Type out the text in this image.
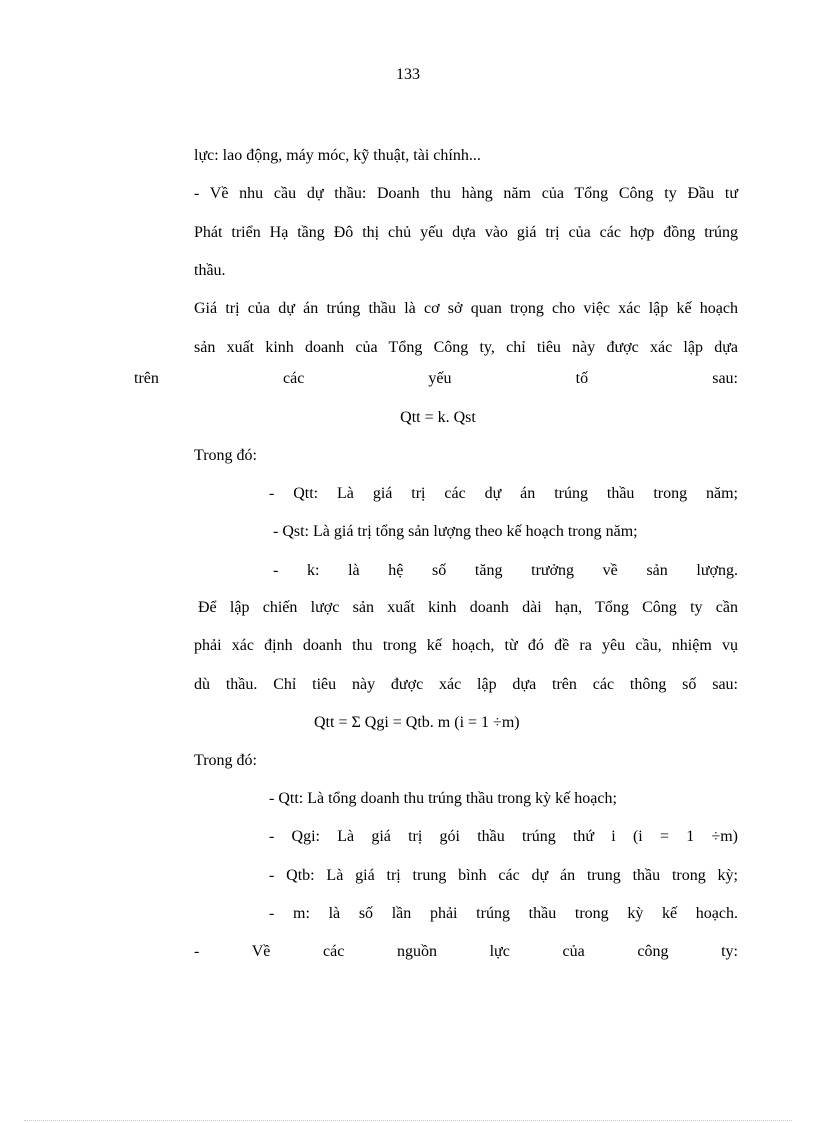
133
lực: lao động, máy móc, kỹ thuật, tài chính...
- Về nhu cầu dự thầu: Doanh thu hàng năm của Tổng Công ty Đầu tư
Phát triển Hạ tầng Đô thị chủ yếu dựa vào giá trị của các hợp đồng trúng
thầu.
Giá trị của dự án trúng thầu là cơ sở quan trọng cho việc xác lập kế hoạch
sản xuất kinh doanh của Tổng Công ty, chỉ tiêu này được xác lập dựa
trên các yếu tố sau:
Qtt = k. Qst
Trong đó:
- Qtt: Là giá trị các dự án trúng thầu trong năm;
- Qst: Là giá trị tổng sản lượng theo kế hoạch trong năm;
- k: là hệ số tăng trưởng về sản lượng.
Để lập chiến lược sản xuất kinh doanh dài hạn, Tổng Công ty cần
phải xác định doanh thu trong kế hoạch, từ đó đề ra yêu cầu, nhiệm vụ
dù thầu. Chỉ tiêu này được xác lập dựa trên các thông số sau:
Qtt = Σ Qgi = Qtb. m (i = 1 ÷m)
Trong đó:
- Qtt: Là tổng doanh thu trúng thầu trong kỳ kế hoạch;
- Qgi: Là giá trị gói thầu trúng thứ i (i = 1 ÷m)
- Qtb: Là giá trị trung bình các dự án trung thầu trong kỳ;
- m: là số lần phải trúng thầu trong kỳ kế hoạch.
- Về các nguồn lực của công ty:
